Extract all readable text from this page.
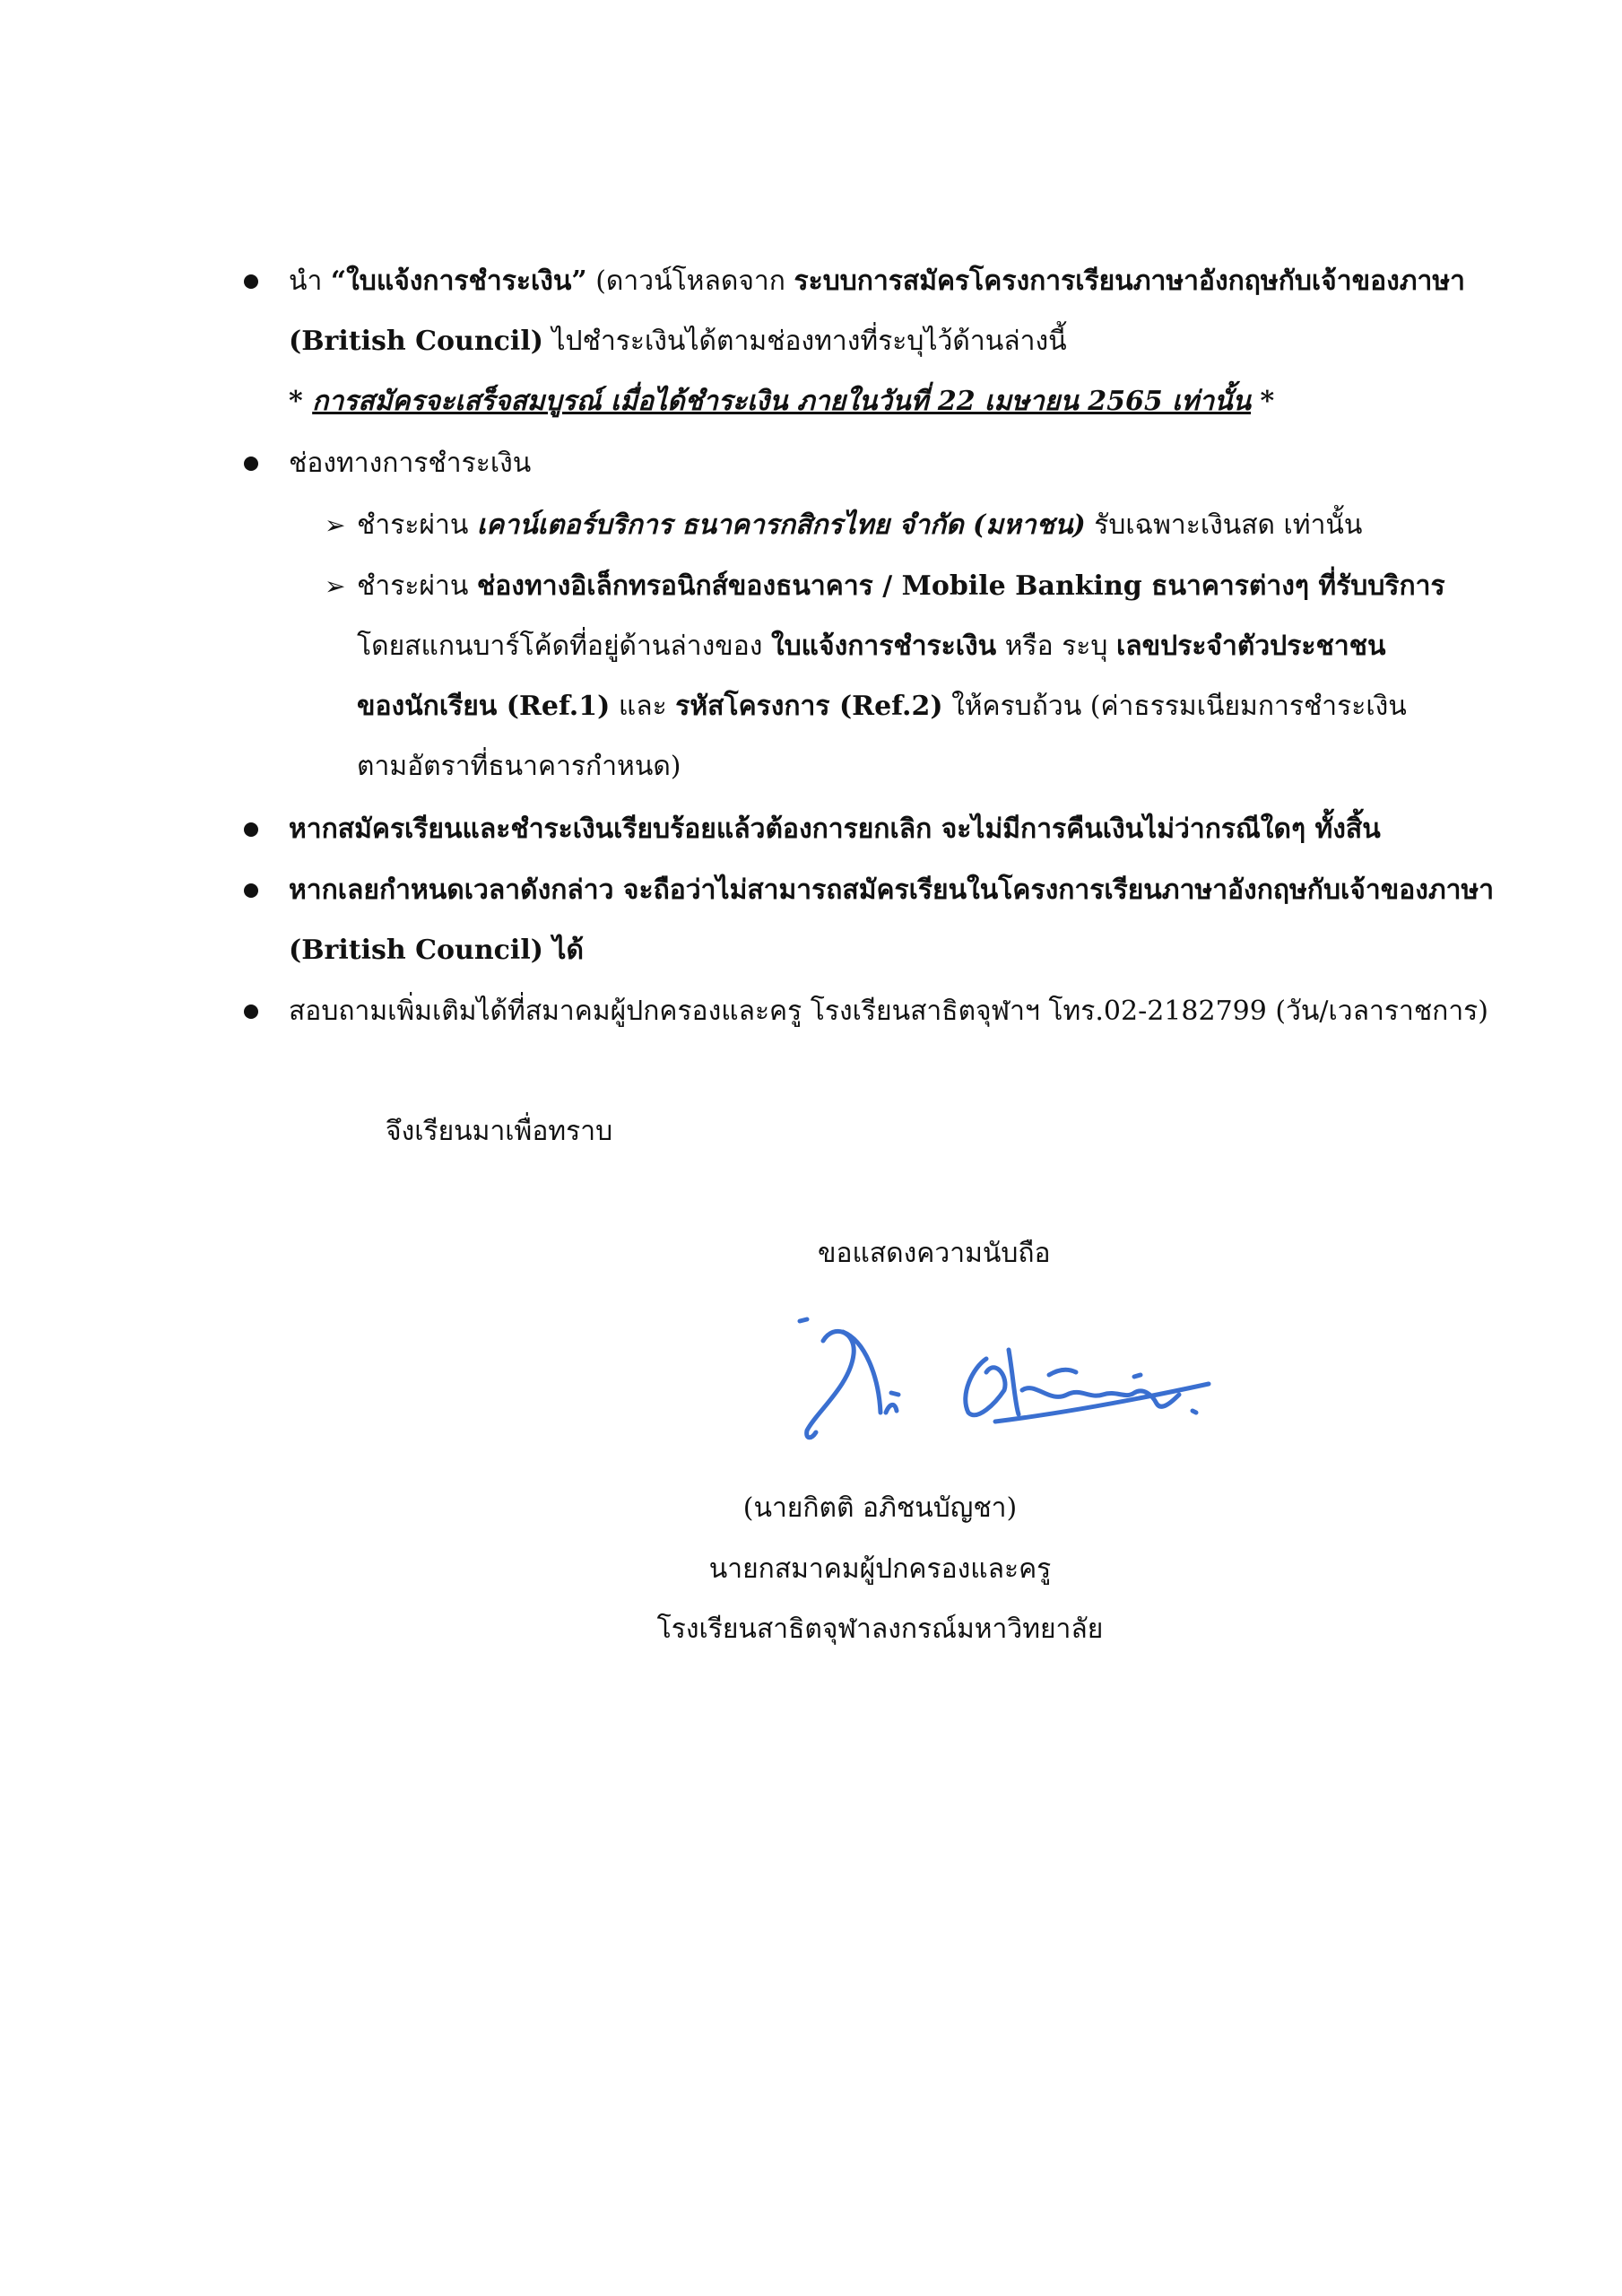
นำ “ใบแจ้งการชำระเงิน” (ดาวน์โหลดจาก ระบบการสมัครโครงการเรียนภาษาอังกฤษกับเจ้าของภาษา
(British Council) ไปชำระเงินได้ตามช่องทางที่ระบุไว้ด้านล่างนี้
* การสมัครจะเสร็จสมบูรณ์ เมื่อได้ชำระเงิน ภายในวันที่ 22 เมษายน 2565 เท่านั้น *
ช่องทางการชำระเงิน
➢ ชำระผ่าน เคาน์เตอร์บริการ ธนาคารกสิกรไทย จำกัด (มหาชน) รับเฉพาะเงินสด เท่านั้น
➢ ชำระผ่าน ช่องทางอิเล็กทรอนิกส์ของธนาคาร / Mobile Banking ธนาคารต่างๆ ที่รับบริการ
โดยสแกนบาร์โค้ดที่อยู่ด้านล่างของ ใบแจ้งการชำระเงิน หรือ ระบุ เลขประจำตัวประชาชน
ของนักเรียน (Ref.1) และ รหัสโครงการ (Ref.2) ให้ครบถ้วน (ค่าธรรมเนียมการชำระเงิน
ตามอัตราที่ธนาคารกำหนด)
หากสมัครเรียนและชำระเงินเรียบร้อยแล้วต้องการยกเลิก จะไม่มีการคืนเงินไม่ว่ากรณีใดๆ ทั้งสิ้น
หากเลยกำหนดเวลาดังกล่าว จะถือว่าไม่สามารถสมัครเรียนในโครงการเรียนภาษาอังกฤษกับเจ้าของภาษา
(British Council) ได้
สอบถามเพิ่มเติมได้ที่สมาคมผู้ปกครองและครู โรงเรียนสาธิตจุฬาฯ โทร.02-2182799 (วัน/เวลาราชการ)
จึงเรียนมาเพื่อทราบ
ขอแสดงความนับถือ
(นายกิตติ อภิชนบัญชา)
นายกสมาคมผู้ปกครองและครู
โรงเรียนสาธิตจุฬาลงกรณ์มหาวิทยาลัย
